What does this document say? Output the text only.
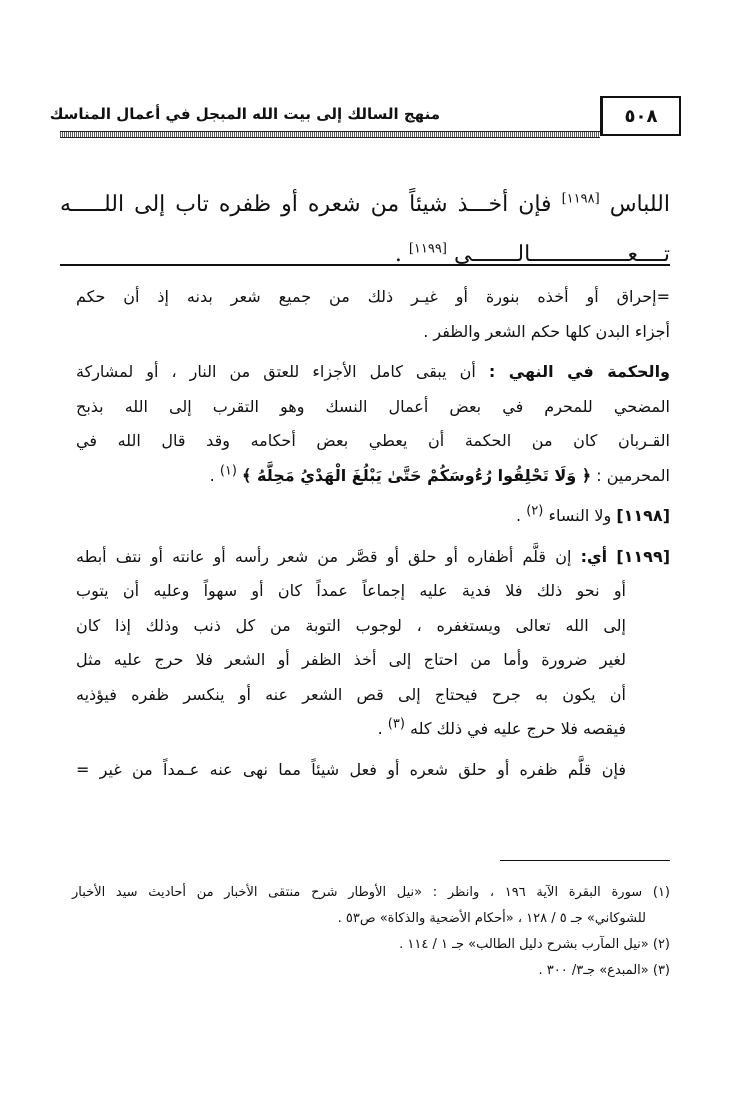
منهج السالك إلى بيت الله المبجل في أعمال المناسك	٥٠٨

اللباس [١١٩٨] فإن أخـــذ شيئاً من شعره أو ظفره تاب إلى اللـــــه

تــــعـــــــــــــــالـــــــى [١١٩٩] .

=إحراق أو أخذه بنورة أو غيـر ذلك من جميع شعر بدنه إذ أن حكم
أجزاء البدن كلها حكم الشعر والظفر .

والحكمة في النهي : أن يبقى كامل الأجزاء للعتق من النار ، أو لمشاركة
المضحي للمحرم في بعض أعمال النسك وهو التقرب إلى الله بذبح
القـربان كان من الحكمة أن يعطي بعض أحكامه وقد قال الله في
المحرمين : ﴿ وَلَا تَحْلِقُوا رُءُوسَكُمْ حَتَّىٰ يَبْلُغَ الْهَدْيُ مَحِلَّهُ ﴾ $^{(١)}$ .

[١١٩٨] ولا النساء $^{(٢)}$ .

[١١٩٩] أي: إن قلَّم أظفاره أو حلق أو قصَّر من شعر رأسه أو عانته أو نتف أبطه
أو نحو ذلك فلا فدية عليه إجماعاً عمداً كان أو سهواً وعليه أن يتوب
إلى الله تعالى ويستغفره ، لوجوب التوبة من كل ذنب وذلك إذا كان
لغير ضرورة وأما من احتاج إلى أخذ الظفر أو الشعر فلا حرج عليه مثل
أن يكون به جرح فيحتاج إلى قص الشعر عنه أو ينكسر ظفره فيؤذيه
فيقصه فلا حرج عليه في ذلك كله $^{(٣)}$ .

فإن قلَّم ظفره أو حلق شعره أو فعل شيئاً مما نهى عنه عـمداً من غير =

(١) سورة البقرة الآية ١٩٦ ، وانظر : «نيل الأوطار شرح منتقى الأخبار من أحاديث سيد الأخبار
للشوكاني» جـ ٥ / ١٢٨ ، «أحكام الأضحية والذكاة» ص٥٣ .
(٢) «نيل المآرب بشرح دليل الطالب» جـ ١ / ١١٤ .
(٣) «المبدع» جـ٣/ ٣٠٠ .
